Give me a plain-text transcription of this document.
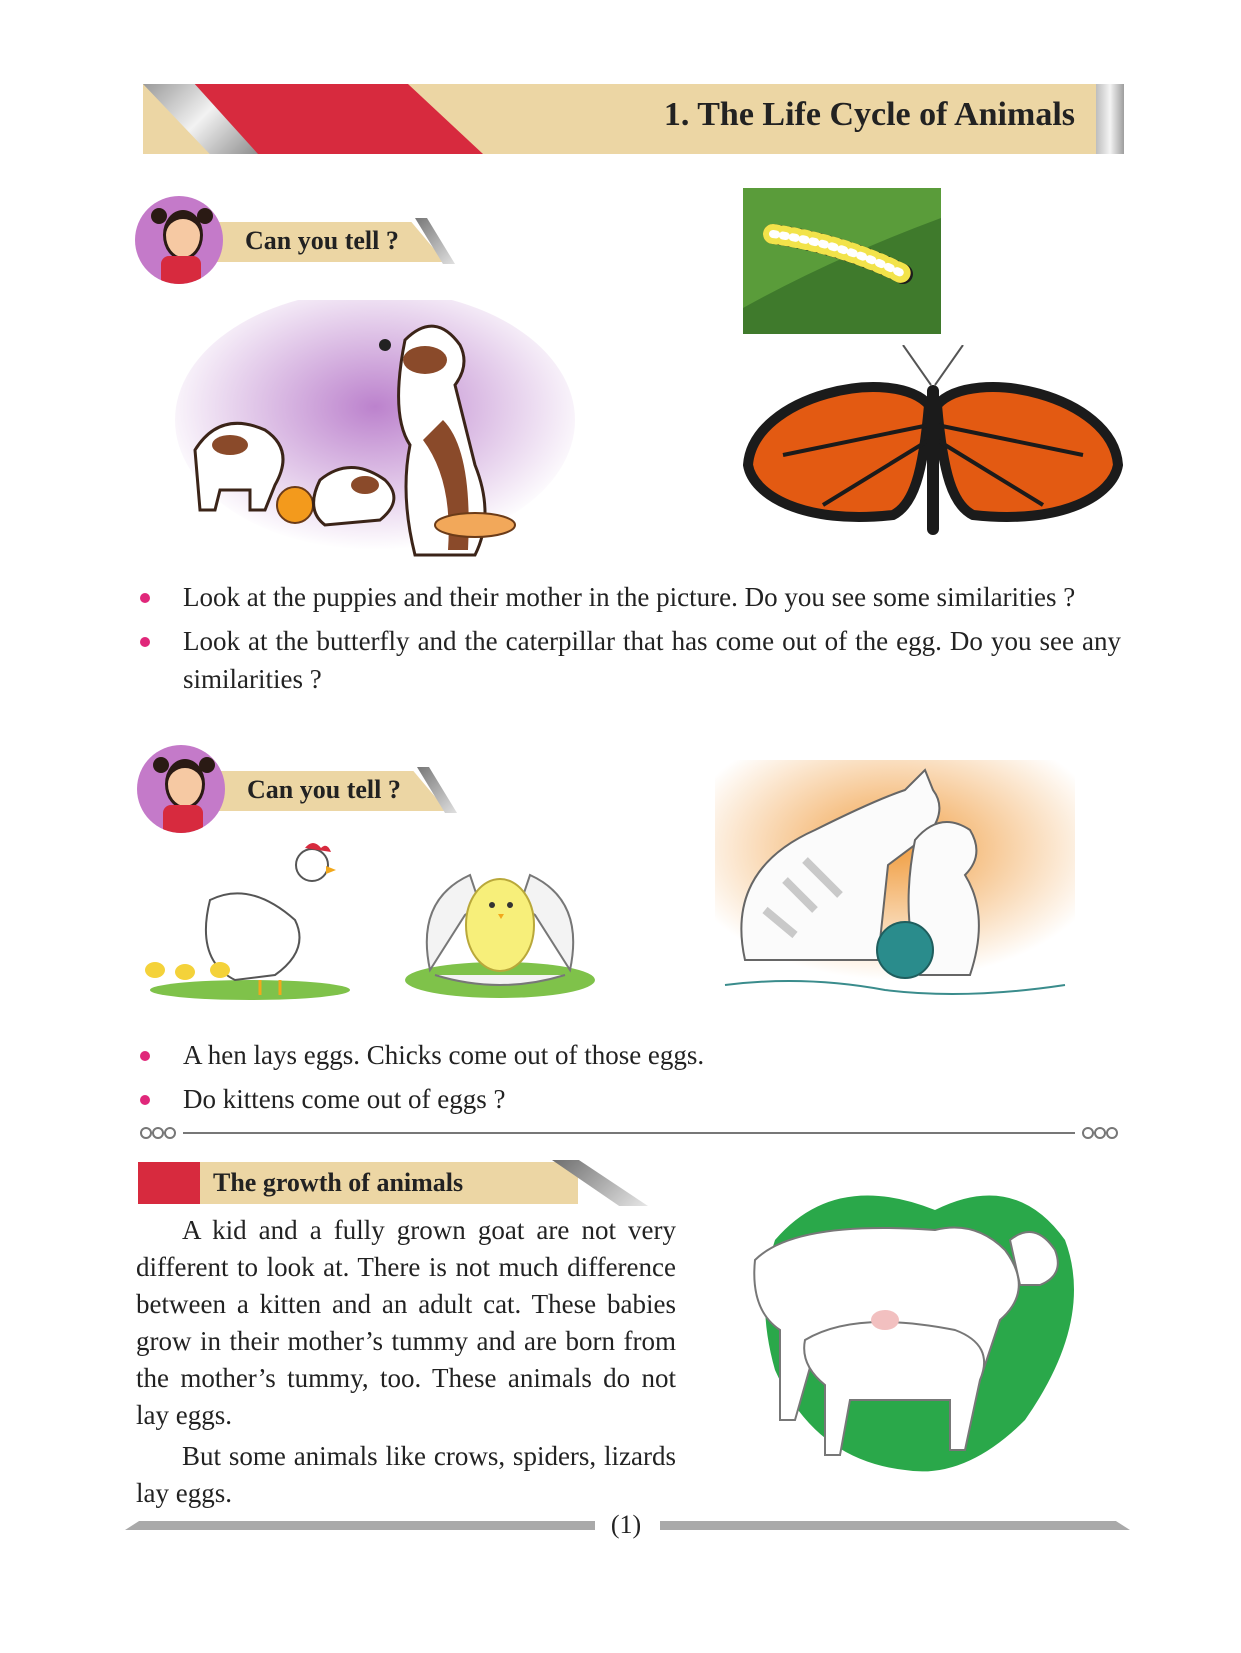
1. The Life Cycle of Animals
Can you tell ?
Look at the puppies and their mother in the picture. Do you see some similarities ?
Look at the butterfly and the caterpillar that has come out of the egg. Do you see any similarities ?
Can you tell ?
A hen lays eggs. Chicks come out of those eggs.
Do kittens come out of eggs ?
The growth of animals

A kid and a fully grown goat are not very different to look at. There is not much difference between a kitten and an adult cat. These babies grow in their mother’s tummy and are born from the mother’s tummy, too. These animals do not lay eggs.

But some animals like crows, spiders, lizards lay eggs.

(1)
